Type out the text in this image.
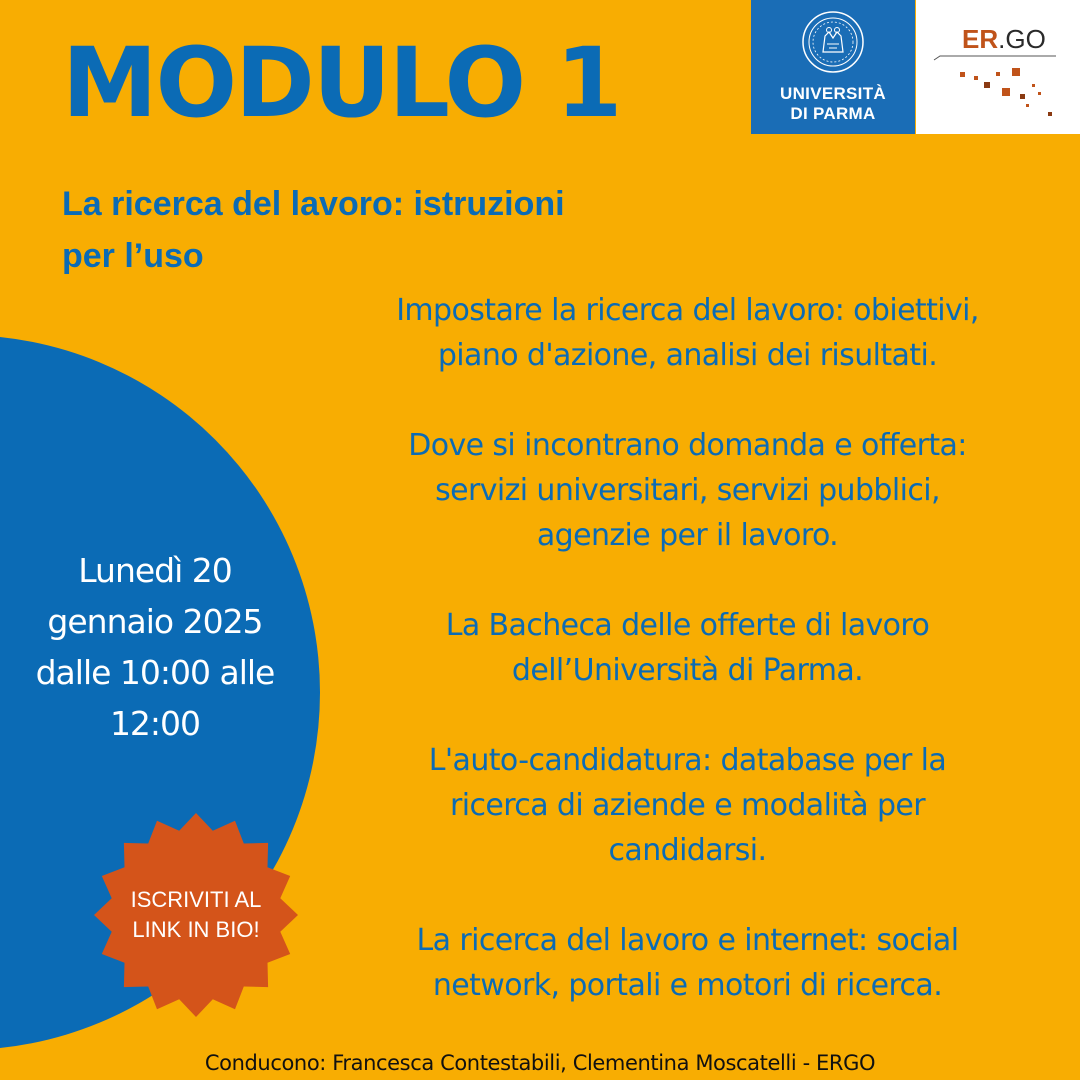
MODULO 1
La ricerca del lavoro: istruzioni
per l’uso
UNIVERSITÀ
DI PARMA
ER.GO
Lunedì 20
gennaio 2025
dalle 10:00 alle
12:00
ISCRIVITI AL
LINK IN BIO!
Impostare la ricerca del lavoro: obiettivi,
piano d'azione, analisi dei risultati.
Dove si incontrano domanda e offerta:
servizi universitari, servizi pubblici,
agenzie per il lavoro.
La Bacheca delle offerte di lavoro
dell’Università di Parma.
L'auto-candidatura: database per la
ricerca di aziende e modalità per
candidarsi.
La ricerca del lavoro e internet: social
network, portali e motori di ricerca.
Conducono: Francesca Contestabili, Clementina Moscatelli - ERGO
